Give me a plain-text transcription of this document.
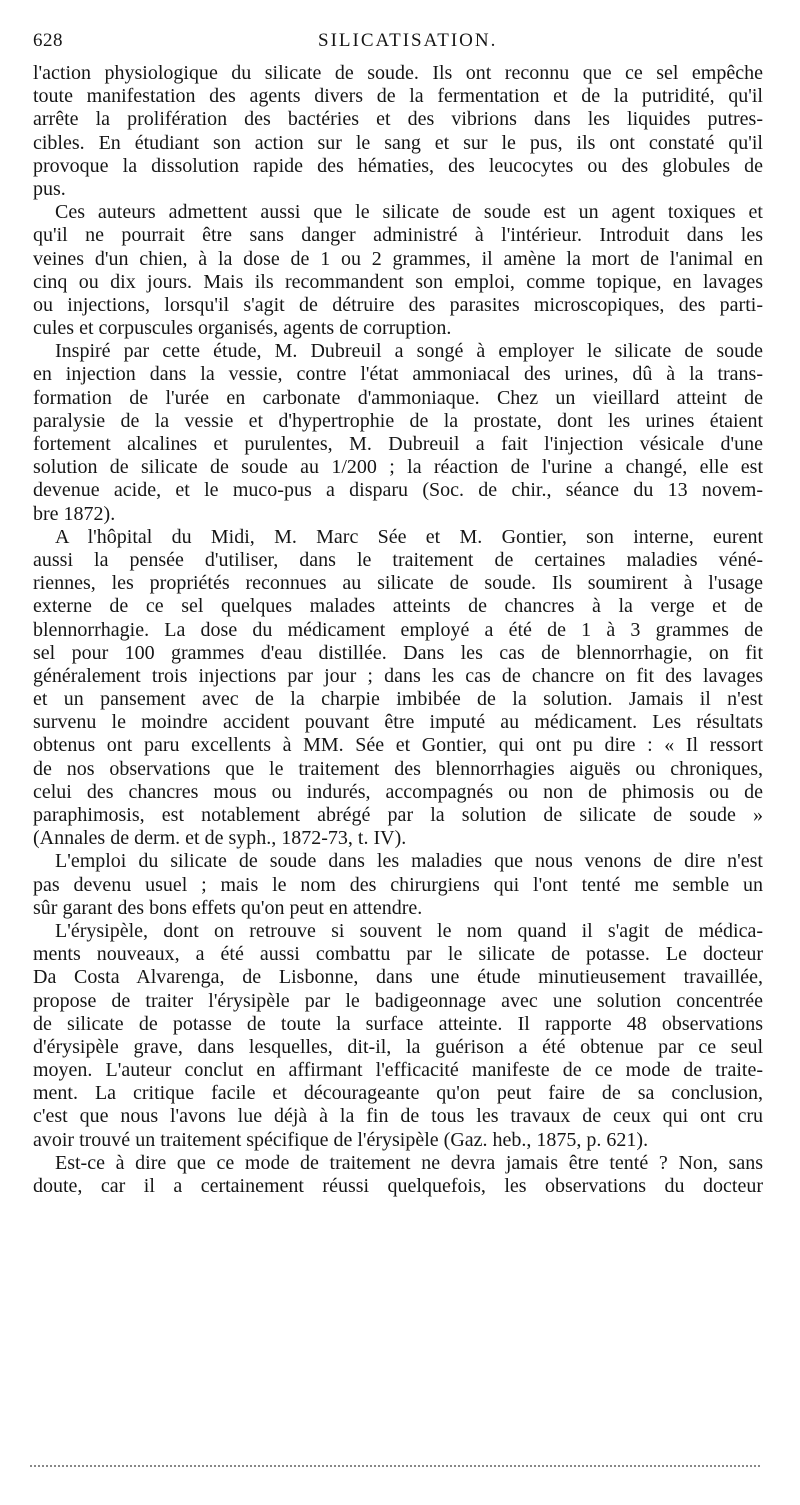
628	SILICATISATION.
l'action physiologique du silicate de soude. Ils ont reconnu que ce sel empêche
toute manifestation des agents divers de la fermentation et de la putridité, qu'il
arrête la prolifération des bactéries et des vibrions dans les liquides putres-
cibles. En étudiant son action sur le sang et sur le pus, ils ont constaté qu'il
provoque la dissolution rapide des hématies, des leucocytes ou des globules de
pus.
Ces auteurs admettent aussi que le silicate de soude est un agent toxiques et
qu'il ne pourrait être sans danger administré à l'intérieur. Introduit dans les
veines d'un chien, à la dose de 1 ou 2 grammes, il amène la mort de l'animal en
cinq ou dix jours. Mais ils recommandent son emploi, comme topique, en lavages
ou injections, lorsqu'il s'agit de détruire des parasites microscopiques, des parti-
cules et corpuscules organisés, agents de corruption.
Inspiré par cette étude, M. Dubreuil a songé à employer le silicate de soude
en injection dans la vessie, contre l'état ammoniacal des urines, dû à la trans-
formation de l'urée en carbonate d'ammoniaque. Chez un vieillard atteint de
paralysie de la vessie et d'hypertrophie de la prostate, dont les urines étaient
fortement alcalines et purulentes, M. Dubreuil a fait l'injection vésicale d'une
solution de silicate de soude au 1/200 ; la réaction de l'urine a changé, elle est
devenue acide, et le muco-pus a disparu (Soc. de chir., séance du 13 novem-
bre 1872).
A l'hôpital du Midi, M. Marc Sée et M. Gontier, son interne, eurent
aussi la pensée d'utiliser, dans le traitement de certaines maladies véné-
riennes, les propriétés reconnues au silicate de soude. Ils soumirent à l'usage
externe de ce sel quelques malades atteints de chancres à la verge et de
blennorrhagie. La dose du médicament employé a été de 1 à 3 grammes de
sel pour 100 grammes d'eau distillée. Dans les cas de blennorrhagie, on fit
généralement trois injections par jour ; dans les cas de chancre on fit des lavages
et un pansement avec de la charpie imbibée de la solution. Jamais il n'est
survenu le moindre accident pouvant être imputé au médicament. Les résultats
obtenus ont paru excellents à MM. Sée et Gontier, qui ont pu dire : « Il ressort
de nos observations que le traitement des blennorrhagies aiguës ou chroniques,
celui des chancres mous ou indurés, accompagnés ou non de phimosis ou de
paraphimosis, est notablement abrégé par la solution de silicate de soude »
(Annales de derm. et de syph., 1872-73, t. IV).
L'emploi du silicate de soude dans les maladies que nous venons de dire n'est
pas devenu usuel ; mais le nom des chirurgiens qui l'ont tenté me semble un
sûr garant des bons effets qu'on peut en attendre.
L'érysipèle, dont on retrouve si souvent le nom quand il s'agit de médica-
ments nouveaux, a été aussi combattu par le silicate de potasse. Le docteur
Da Costa Alvarenga, de Lisbonne, dans une étude minutieusement travaillée,
propose de traiter l'érysipèle par le badigeonnage avec une solution concentrée
de silicate de potasse de toute la surface atteinte. Il rapporte 48 observations
d'érysipèle grave, dans lesquelles, dit-il, la guérison a été obtenue par ce seul
moyen. L'auteur conclut en affirmant l'efficacité manifeste de ce mode de traite-
ment. La critique facile et décourageante qu'on peut faire de sa conclusion,
c'est que nous l'avons lue déjà à la fin de tous les travaux de ceux qui ont cru
avoir trouvé un traitement spécifique de l'érysipèle (Gaz. heb., 1875, p. 621).
Est-ce à dire que ce mode de traitement ne devra jamais être tenté ? Non, sans
doute, car il a certainement réussi quelquefois, les observations du docteur
